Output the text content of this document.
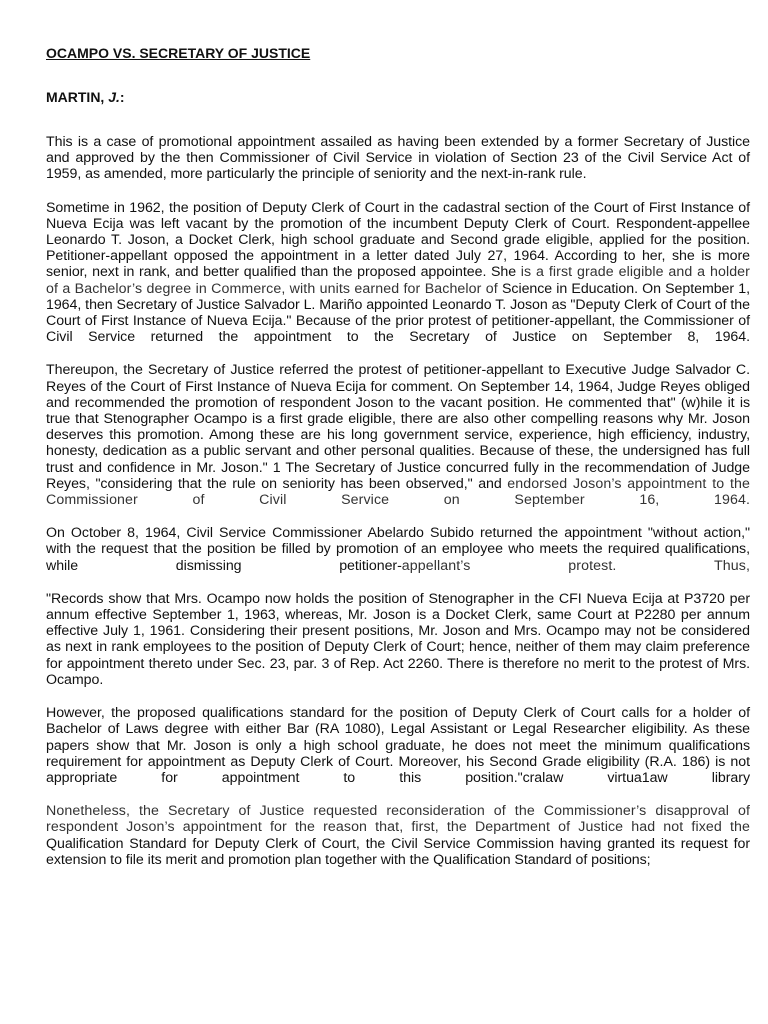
OCAMPO VS. SECRETARY OF JUSTICE
MARTIN, J.:

This is a case of promotional appointment assailed as having been extended by a former Secretary of Justice and approved by the then Commissioner of Civil Service in violation of Section 23 of the Civil Service Act of 1959, as amended, more particularly the principle of seniority and the next-in-rank rule.

Sometime in 1962, the position of Deputy Clerk of Court in the cadastral section of the Court of First Instance of Nueva Ecija was left vacant by the promotion of the incumbent Deputy Clerk of Court. Respondent-appellee Leonardo T. Joson, a Docket Clerk, high school graduate and Second grade eligible, applied for the position. Petitioner-appellant opposed the appointment in a letter dated July 27, 1964. According to her, she is more senior, next in rank, and better qualified than the proposed appointee. She is a first grade eligible and a holder of a Bachelor’s degree in Commerce, with units earned for Bachelor of Science in Education. On September 1, 1964, then Secretary of Justice Salvador L. Mariño appointed Leonardo T. Joson as "Deputy Clerk of Court of the Court of First Instance of Nueva Ecija." Because of the prior protest of petitioner-appellant, the Commissioner of Civil Service returned the appointment to the Secretary of Justice on September 8, 1964.

Thereupon, the Secretary of Justice referred the protest of petitioner-appellant to Executive Judge Salvador C. Reyes of the Court of First Instance of Nueva Ecija for comment. On September 14, 1964, Judge Reyes obliged and recommended the promotion of respondent Joson to the vacant position. He commented that" (w)hile it is true that Stenographer Ocampo is a first grade eligible, there are also other compelling reasons why Mr. Joson deserves this promotion. Among these are his long government service, experience, high efficiency, industry, honesty, dedication as a public servant and other personal qualities. Because of these, the undersigned has full trust and confidence in Mr. Joson." 1 The Secretary of Justice concurred fully in the recommendation of Judge Reyes, "considering that the rule on seniority has been observed," and endorsed Joson’s appointment to the Commissioner of Civil Service on September 16, 1964.

On October 8, 1964, Civil Service Commissioner Abelardo Subido returned the appointment "without action," with the request that the position be filled by promotion of an employee who meets the required qualifications, while dismissing petitioner-appellant’s protest. Thus,

"Records show that Mrs. Ocampo now holds the position of Stenographer in the CFI Nueva Ecija at P3720 per annum effective September 1, 1963, whereas, Mr. Joson is a Docket Clerk, same Court at P2280 per annum effective July 1, 1961. Considering their present positions, Mr. Joson and Mrs. Ocampo may not be considered as next in rank employees to the position of Deputy Clerk of Court; hence, neither of them may claim preference for appointment thereto under Sec. 23, par. 3 of Rep. Act 2260. There is therefore no merit to the protest of Mrs. Ocampo.

However, the proposed qualifications standard for the position of Deputy Clerk of Court calls for a holder of Bachelor of Laws degree with either Bar (RA 1080), Legal Assistant or Legal Researcher eligibility. As these papers show that Mr. Joson is only a high school graduate, he does not meet the minimum qualifications requirement for appointment as Deputy Clerk of Court. Moreover, his Second Grade eligibility (R.A. 186) is not appropriate for appointment to this position."cralaw virtua1aw library

Nonetheless, the Secretary of Justice requested reconsideration of the Commissioner’s disapproval of respondent Joson’s appointment for the reason that, first, the Department of Justice had not fixed the Qualification Standard for Deputy Clerk of Court, the Civil Service Commission having granted its request for extension to file its merit and promotion plan together with the Qualification Standard of positions;
